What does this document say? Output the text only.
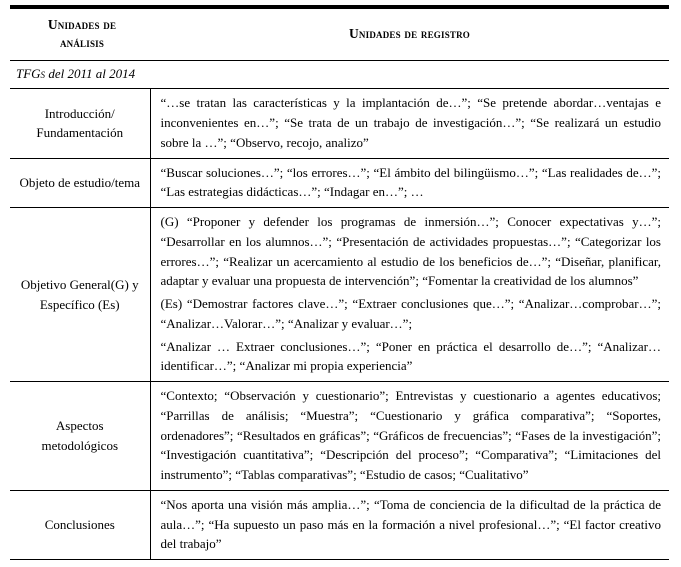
Unidades de análisis	Unidades de registro
TFGs del 2011 al 2014	
Introducción/ Fundamentación	“…se tratan las características y la implantación de…”; “Se pretende abordar…ventajas e inconvenientes en…”; “Se trata de un trabajo de investigación…”; “Se realizará un estudio sobre la …”; “Observo, recojo, analizo”

Objeto de estudio/tema	“Buscar soluciones…”; “los errores…”; “El ámbito del bilingüismo…”; “Las realidades de…”; “Las estrategias didácticas…”; “Indagar en…”; …

Objetivo General(G) y Específico (Es)	(G) “Proponer y defender los programas de inmersión…”; Conocer expectativas y…”; “Desarrollar en los alumnos…”; “Presentación de actividades propuestas…”; “Categorizar los errores…”; “Realizar un acercamiento al estudio de los beneficios de…”; “Diseñar, planificar, adaptar y evaluar una propuesta de intervención”; “Fomentar la creatividad de los alumnos”

(Es) “Demostrar factores clave…”; “Extraer conclusiones que…”; “Analizar…comprobar…”; “Analizar…Valorar…”; “Analizar y evaluar…”;

“Analizar … Extraer conclusiones…”; “Poner en práctica el desarrollo de…”; “Analizar…identificar…”; “Analizar mi propia experiencia”

Aspectos metodológicos	“Contexto; “Observación y cuestionario”; Entrevistas y cuestionario a agentes educativos; “Parrillas de análisis; “Muestra”; “Cuestionario y gráfica comparativa”; “Soportes, ordenadores”; “Resultados en gráficas”; “Gráficos de frecuencias”; “Fases de la investigación”; “Investigación cuantitativa”; “Descripción del proceso”; “Comparativa”; “Limitaciones del instrumento”; “Tablas comparativas”; “Estudio de casos; “Cualitativo”

Conclusiones	“Nos aporta una visión más amplia…”; “Toma de conciencia de la dificultad de la práctica de aula…”; “Ha supuesto un paso más en la formación a nivel profesional…”; “El factor creativo del trabajo”
